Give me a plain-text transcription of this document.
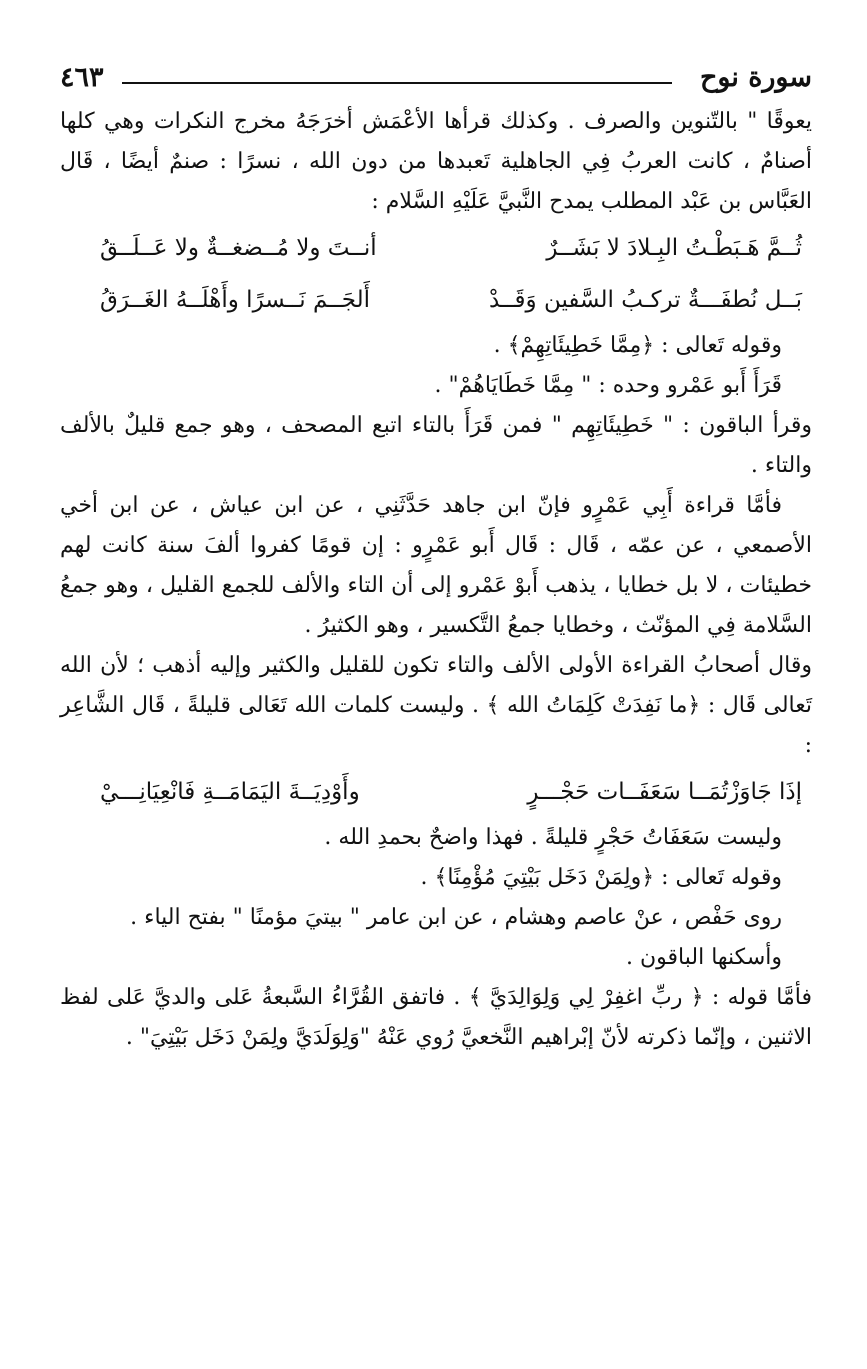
سورة نوح
٤٦٣

يعوقًا " بالتّنوين والصرف . وكذلك قرأها الأعْمَش أخرَجَهُ مخرج النكرات وهي كلها أصنامٌ ، كانت العربُ فِي الجاهلية تَعبدها من دون الله ، نسرًا : صنمٌ أيضًا ، قَال العَبَّاس بن عَبْد المطلب يمدح النَّبيَّ عَلَيْهِ السَّلام :

ثُــمَّ هَـبَطْـتُ البِـلادَ لا بَشَــرٌ
أنــتَ ولا مُــضغــةٌ ولا عَــلَــقُ
بَــل نُطفَـــةٌ تركـبُ السَّفين وَقَــدْ
أَلجَــمَ نَــسرًا وأَهْلَــهُ الغَــرَقُ

وقوله تَعالى : ﴿مِمَّا خَطِيئَاتِهِمْ﴾ .

قَرَأَ أَبو عَمْرو وحده : " مِمَّا خَطَايَاهُمْ" .

وقرأ الباقون : " خَطِيئَاتِهِم " فمن قَرَأَ بالتاء اتبع المصحف ، وهو جمع قليلٌ بالألف والتاء .

فأمَّا قراءة أَبِي عَمْرٍو فإنّ ابن جاهد حَدَّثَنِي ، عن ابن عياش ، عن ابن أخي الأصمعي ، عن عمّه ، قَال : قَال أَبو عَمْرٍو : إن قومًا كفروا ألفَ سنة كانت لهم خطيئات ، لا بل خطايا ، يذهب أَبوْ عَمْرو إلى أن التاء والألف للجمع القليل ، وهو جمعُ السَّلامة فِي المؤنّث ، وخطايا جمعُ التَّكسير ، وهو الكثيرُ .

وقال أصحابُ القراءة الأولى الألف والتاء تكون للقليل والكثير وإليه أذهب ؛ لأن الله تَعالى قَال : ﴿ما نَفِدَتْ كَلِمَاتُ الله ﴾ . وليست كلمات الله تَعَالى قليلةً ، قَال الشَّاعِر :

إذَا جَاوَزْتُمَــا سَعَفَــات حَجْـــرٍ
وأَوْدِيَــةَ اليَمَامَــةِ فَانْعِيَانِـــيْ

وليست سَعَفَاتُ حَجْرٍ قليلةً . فهذا واضحٌ بحمدِ الله .

وقوله تَعالى : ﴿ولِمَنْ دَخَل بَيْتِيَ مُؤْمِنًا﴾ .

روى حَفْص ، عنْ عاصم وهشام ، عن ابن عامر " بيتيَ مؤمنًا " بفتح الياء .

وأسكنها الباقون .

فأمَّا قوله : ﴿ ربِّ اغفِرْ لِي وَلِوَالِدَيَّ ﴾ . فاتفق القُرَّاءُ السَّبعةُ عَلى والديَّ عَلى لفظ الاثنين ، وإنّما ذكرته لأنّ إبْراهيم النَّخعيَّ رُوي عَنْهُ "وَلِوَلَدَيَّ ولِمَنْ دَخَل بَيْتِيَ" .
